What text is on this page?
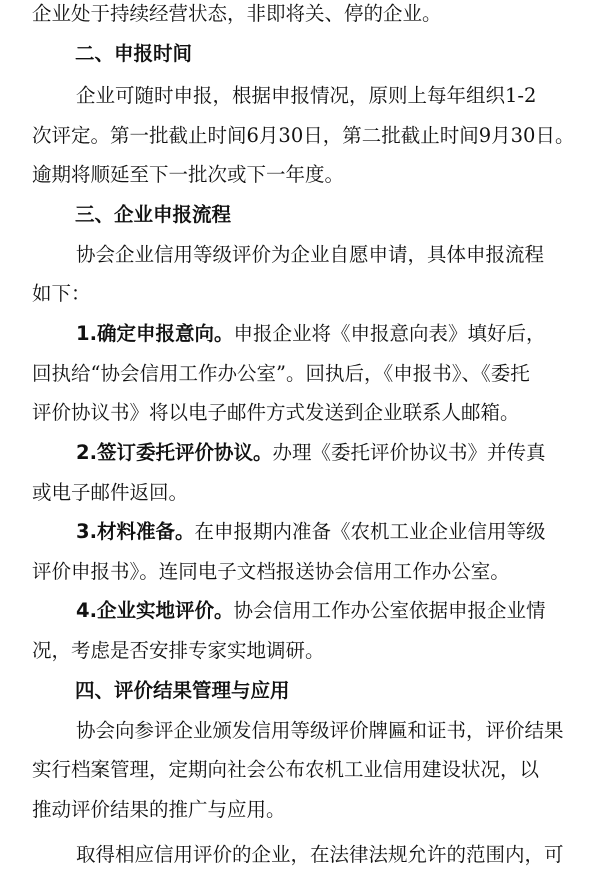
企业处于持续经营状态，非即将关、停的企业。
二、申报时间
企业可随时申报，根据申报情况，原则上每年组织1-2
次评定。第一批截止时间6月30日，第二批截止时间9月30日。
逾期将顺延至下一批次或下一年度。
三、企业申报流程
协会企业信用等级评价为企业自愿申请，具体申报流程
如下：
1.确定申报意向。申报企业将《申报意向表》填好后，
回执给“协会信用工作办公室”。回执后，《申报书》、《委托
评价协议书》将以电子邮件方式发送到企业联系人邮箱。
2.签订委托评价协议。办理《委托评价协议书》并传真
或电子邮件返回。
3.材料准备。在申报期内准备《农机工业企业信用等级
评价申报书》。连同电子文档报送协会信用工作办公室。
4.企业实地评价。协会信用工作办公室依据申报企业情
况，考虑是否安排专家实地调研。
四、评价结果管理与应用
协会向参评企业颁发信用等级评价牌匾和证书，评价结果
实行档案管理，定期向社会公布农机工业信用建设状况，以
推动评价结果的推广与应用。
取得相应信用评价的企业，在法律法规允许的范围内，可
